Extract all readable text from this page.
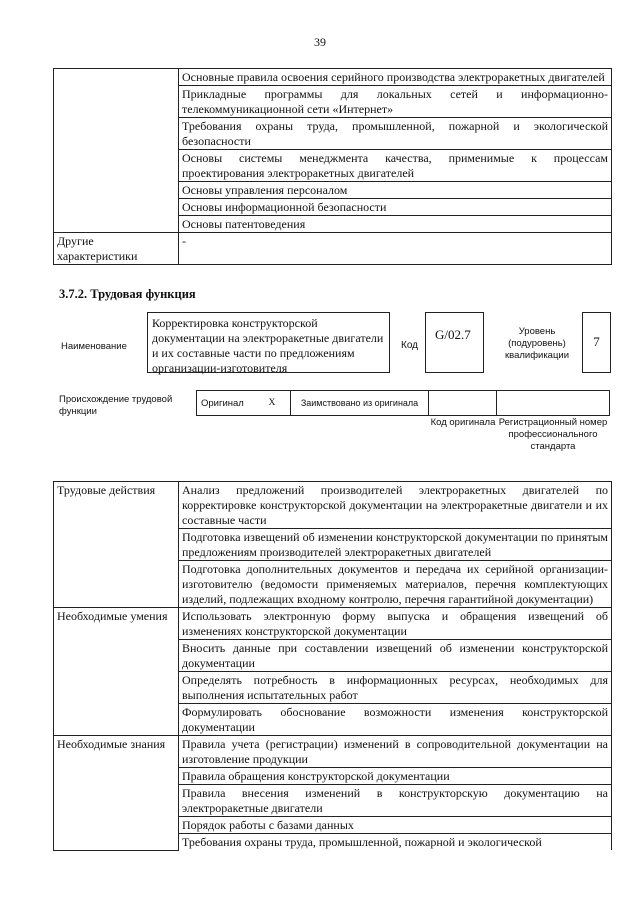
39
	Основные правила освоения серийного производства электроракетных двигателей
	Прикладные программы для локальных сетей и информационно-телекоммуникационной сети «Интернет»
	Требования охраны труда, промышленной, пожарной и экологической безопасности
	Основы системы менеджмента качества, применимые к процессам проектирования электроракетных двигателей
	Основы управления персоналом
	Основы информационной безопасности
	Основы патентоведения
Другие характеристики	-
3.7.2. Трудовая функция
Наименование
Корректировка конструкторской документации на электроракетные двигатели и их составные части по предложениям организации-изготовителя
Код
G/02.7	Уровень (подуровень) квалификации
7
Происхождение трудовой функции
Оригинал	X	Заимствовано из оригинала		
Код оригинала Регистрационный номер профессионального стандарта
Трудовые действия	Анализ предложений производителей электроракетных двигателей по корректировке конструкторской документации на электроракетные двигатели и их составные части
	Подготовка извещений об изменении конструкторской документации по принятым предложениям производителей электроракетных двигателей
	Подготовка дополнительных документов и передача их серийной организации-изготовителю (ведомости применяемых материалов, перечня комплектующих изделий, подлежащих входному контролю, перечня гарантийной документации)
Необходимые умения	Использовать электронную форму выпуска и обращения извещений об изменениях конструкторской документации
	Вносить данные при составлении извещений об изменении конструкторской документации
	Определять потребность в информационных ресурсах, необходимых для выполнения испытательных работ
	Формулировать обоснование возможности изменения конструкторской документации
Необходимые знания	Правила учета (регистрации) изменений в сопроводительной документации на изготовление продукции
	Правила обращения конструкторской документации
	Правила внесения изменений в конструкторскую документацию на электроракетные двигатели
	Порядок работы с базами данных
	Требования охраны труда, промышленной, пожарной и экологической
